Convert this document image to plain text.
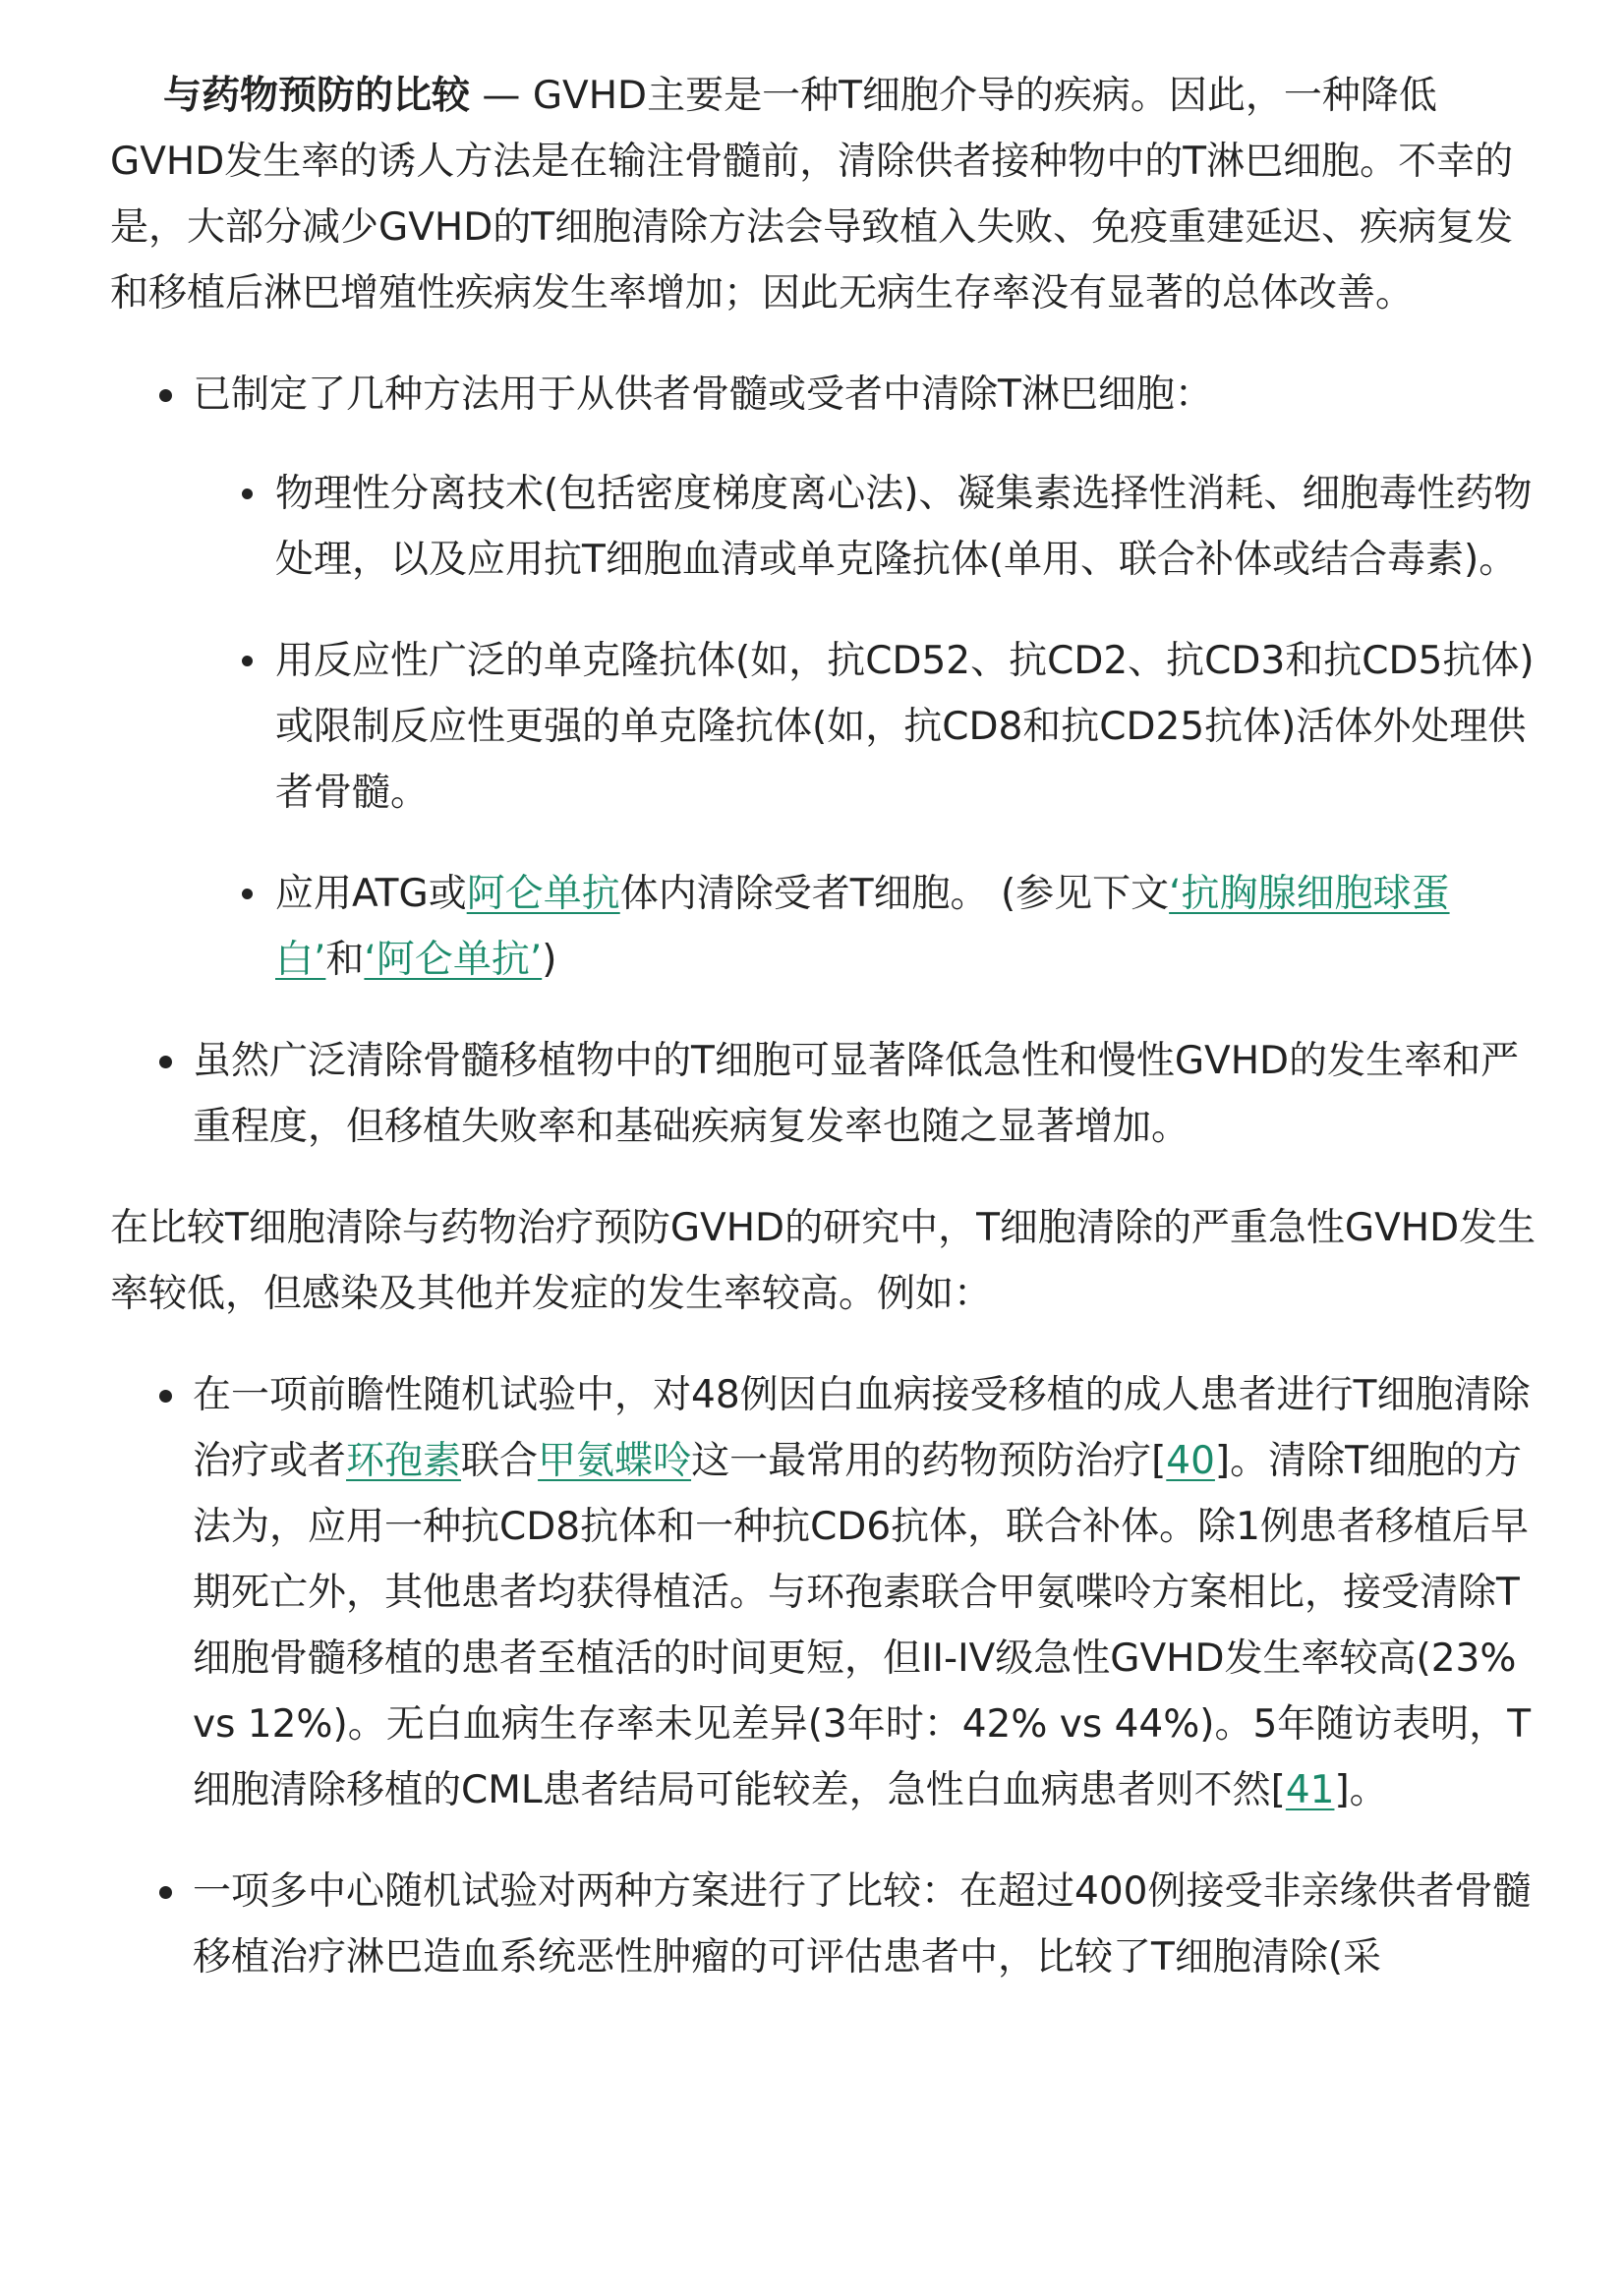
与药物预防的比较 — GVHD主要是一种T细胞介导的疾病。因此，一种降低GVHD发生率的诱人方法是在输注骨髓前，清除供者接种物中的T淋巴细胞。不幸的是，大部分减少GVHD的T细胞清除方法会导致植入失败、免疫重建延迟、疾病复发和移植后淋巴增殖性疾病发生率增加；因此无病生存率没有显著的总体改善。

已制定了几种方法用于从供者骨髓或受者中清除T淋巴细胞：
物理性分离技术(包括密度梯度离心法)、凝集素选择性消耗、细胞毒性药物处理，以及应用抗T细胞血清或单克隆抗体(单用、联合补体或结合毒素)。
用反应性广泛的单克隆抗体(如，抗CD52、抗CD2、抗CD3和抗CD5抗体)或限制反应性更强的单克隆抗体(如，抗CD8和抗CD25抗体)活体外处理供者骨髓。
应用ATG或阿仑单抗体内清除受者T细胞。 (参见下文‘抗胸腺细胞球蛋白’和‘阿仑单抗’)
虽然广泛清除骨髓移植物中的T细胞可显著降低急性和慢性GVHD的发生率和严重程度，但移植失败率和基础疾病复发率也随之显著增加。

在比较T细胞清除与药物治疗预防GVHD的研究中，T细胞清除的严重急性GVHD发生率较低，但感染及其他并发症的发生率较高。例如：

在一项前瞻性随机试验中，对48例因白血病接受移植的成人患者进行T细胞清除治疗或者环孢素联合甲氨蝶呤这一最常用的药物预防治疗[40]。清除T细胞的方法为，应用一种抗CD8抗体和一种抗CD6抗体，联合补体。除1例患者移植后早期死亡外，其他患者均获得植活。与环孢素联合甲氨喋呤方案相比，接受清除T细胞骨髓移植的患者至植活的时间更短，但II-IV级急性GVHD发生率较高(23% vs 12%)。无白血病生存率未见差异(3年时：42% vs 44%)。5年随访表明，T细胞清除移植的CML患者结局可能较差，急性白血病患者则不然[41]。
一项多中心随机试验对两种方案进行了比较：在超过400例接受非亲缘供者骨髓移植治疗淋巴造血系统恶性肿瘤的可评估患者中，比较了T细胞清除(采
